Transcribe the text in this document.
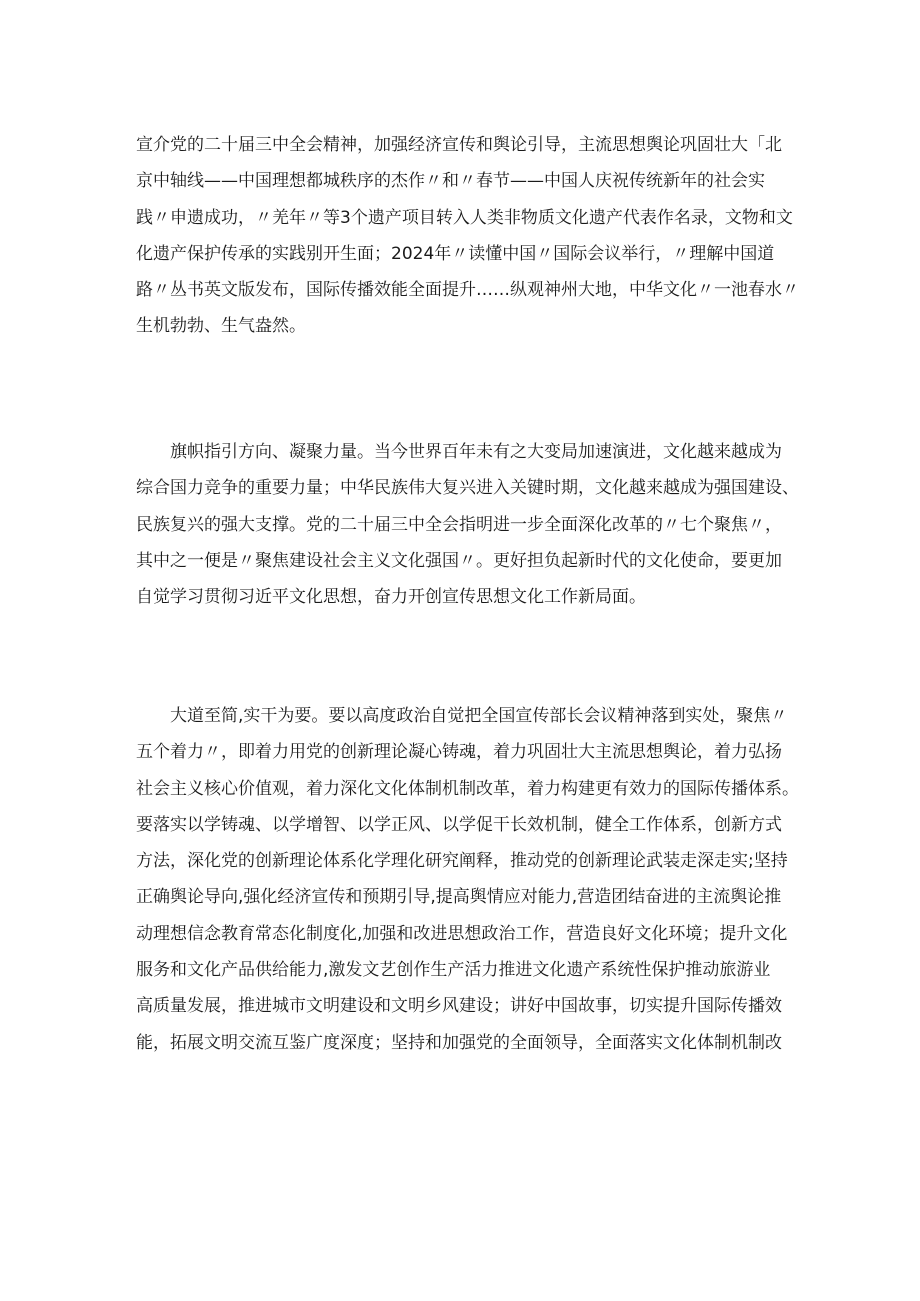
宣介党的二十届三中全会精神，加强经济宣传和舆论引导，主流思想舆论巩固壮大「北
京中轴线——中国理想都城秩序的杰作〃和〃春节——中国人庆祝传统新年的社会实
践〃申遗成功，〃羌年〃等3个遗产项目转入人类非物质文化遗产代表作名录，文物和文
化遗产保护传承的实践别开生面；2024年〃读懂中国〃国际会议举行，〃理解中国道
路〃丛书英文版发布，国际传播效能全面提升……纵观神州大地，中华文化〃一池春水〃
生机勃勃、生气盎然。

旗帜指引方向、凝聚力量。当今世界百年未有之大变局加速演进，文化越来越成为
综合国力竞争的重要力量；中华民族伟大复兴进入关键时期，文化越来越成为强国建设、
民族复兴的强大支撑。党的二十届三中全会指明进一步全面深化改革的〃七个聚焦〃，
其中之一便是〃聚焦建设社会主义文化强国〃。更好担负起新时代的文化使命，要更加
自觉学习贯彻习近平文化思想，奋力开创宣传思想文化工作新局面。

大道至简,实干为要。要以高度政治自觉把全国宣传部长会议精神落到实处，聚焦〃
五个着力〃，即着力用党的创新理论凝心铸魂，着力巩固壮大主流思想舆论，着力弘扬
社会主义核心价值观，着力深化文化体制机制改革，着力构建更有效力的国际传播体系。
要落实以学铸魂、以学增智、以学正风、以学促干长效机制，健全工作体系，创新方式
方法，深化党的创新理论体系化学理化研究阐释，推动党的创新理论武装走深走实;坚持
正确舆论导向,强化经济宣传和预期引导,提高舆情应对能力,营造团结奋进的主流舆论推
动理想信念教育常态化制度化,加强和改进思想政治工作，营造良好文化环境；提升文化
服务和文化产品供给能力,激发文艺创作生产活力推进文化遗产系统性保护推动旅游业
高质量发展，推进城市文明建设和文明乡风建设；讲好中国故事，切实提升国际传播效
能，拓展文明交流互鉴广度深度；坚持和加强党的全面领导，全面落实文化体制机制改
